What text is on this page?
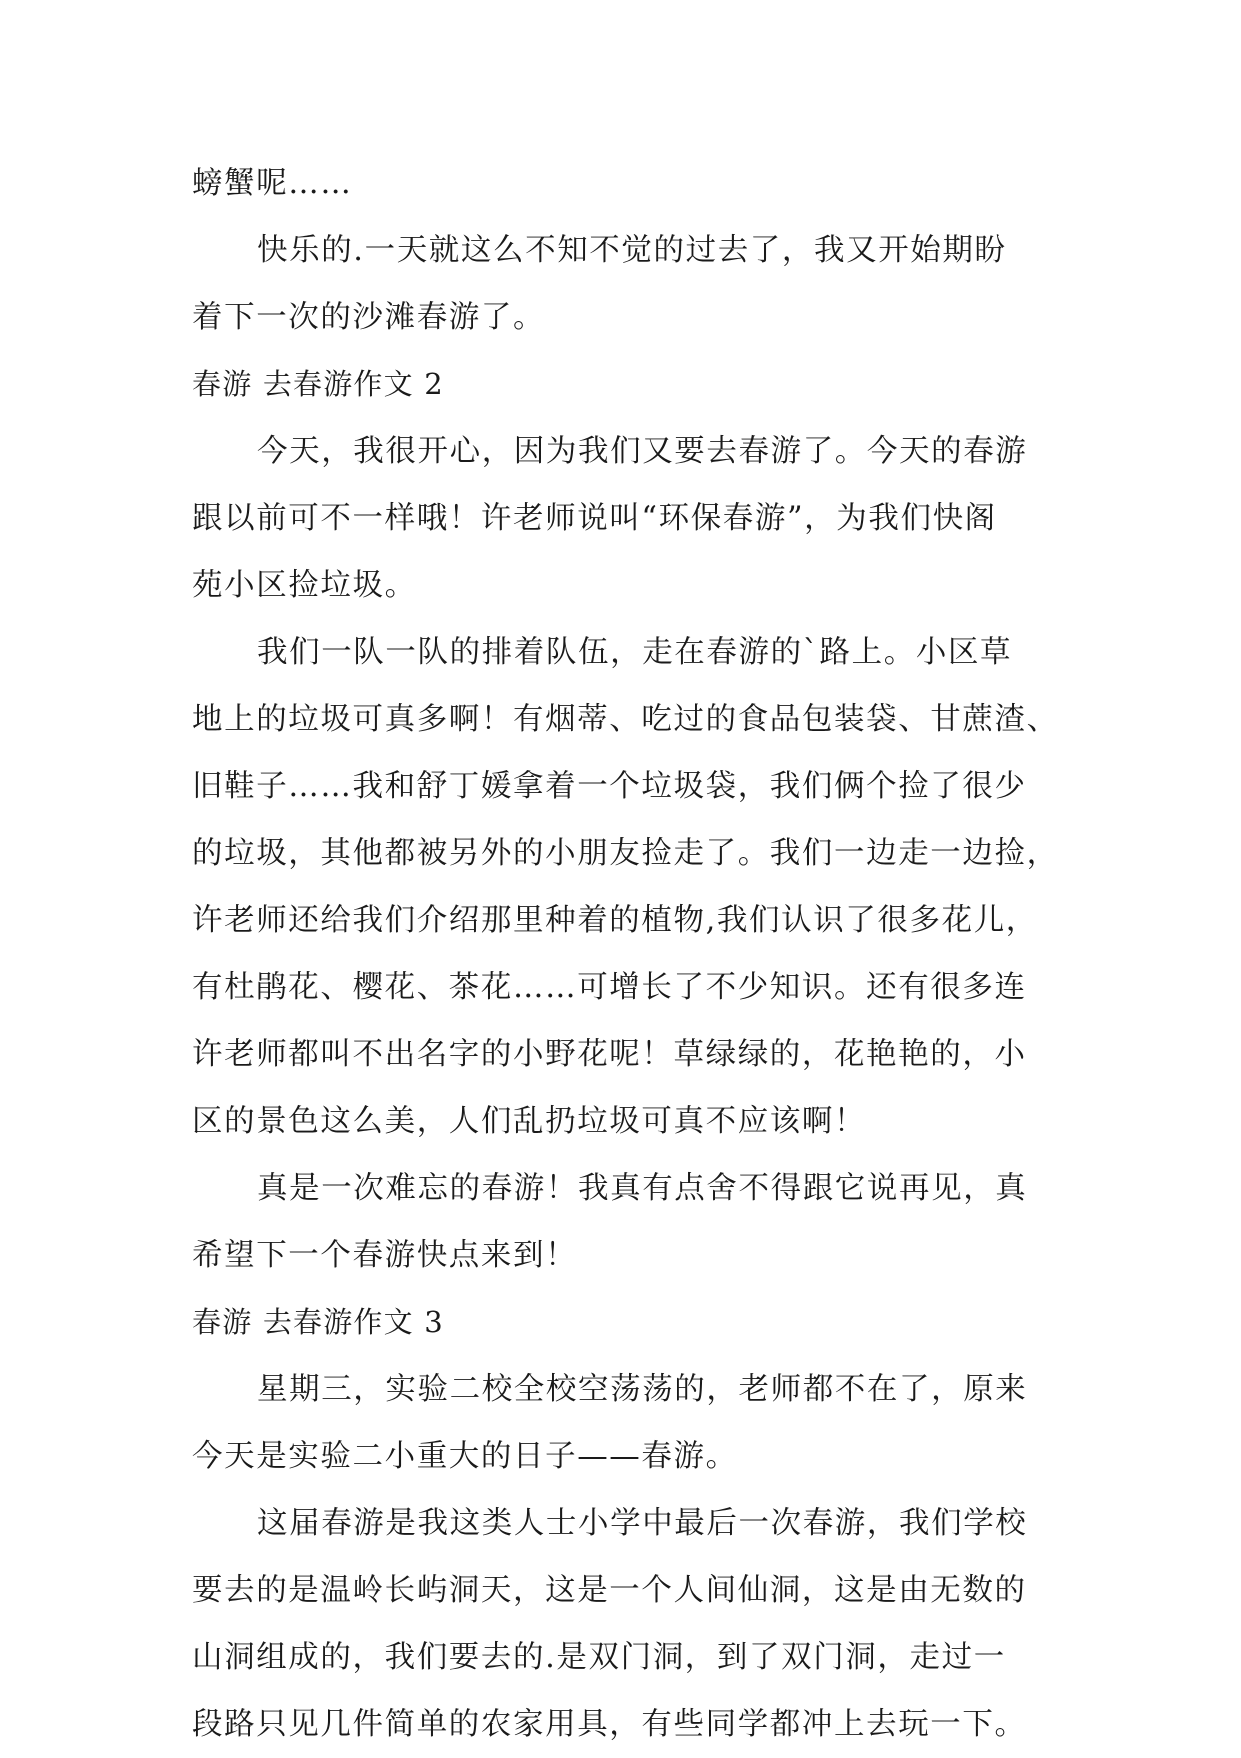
螃蟹呢……
快乐的.一天就这么不知不觉的过去了，我又开始期盼
着下一次的沙滩春游了。
春游 去春游作文 2
今天，我很开心，因为我们又要去春游了。今天的春游
跟以前可不一样哦！许老师说叫“环保春游”，为我们快阁
苑小区捡垃圾。
我们一队一队的排着队伍，走在春游的`路上。小区草
地上的垃圾可真多啊！有烟蒂、吃过的食品包装袋、甘蔗渣、
旧鞋子……我和舒丁媛拿着一个垃圾袋，我们俩个捡了很少
的垃圾，其他都被另外的小朋友捡走了。我们一边走一边捡，
许老师还给我们介绍那里种着的植物,我们认识了很多花儿，
有杜鹃花、樱花、茶花……可增长了不少知识。还有很多连
许老师都叫不出名字的小野花呢！草绿绿的，花艳艳的，小
区的景色这么美，人们乱扔垃圾可真不应该啊！
真是一次难忘的春游！我真有点舍不得跟它说再见，真
希望下一个春游快点来到！
春游 去春游作文 3
星期三，实验二校全校空荡荡的，老师都不在了，原来
今天是实验二小重大的日子——春游。
这届春游是我这类人士小学中最后一次春游，我们学校
要去的是温岭长屿洞天，这是一个人间仙洞，这是由无数的
山洞组成的，我们要去的.是双门洞，到了双门洞，走过一
段路只见几件简单的农家用具，有些同学都冲上去玩一下。
